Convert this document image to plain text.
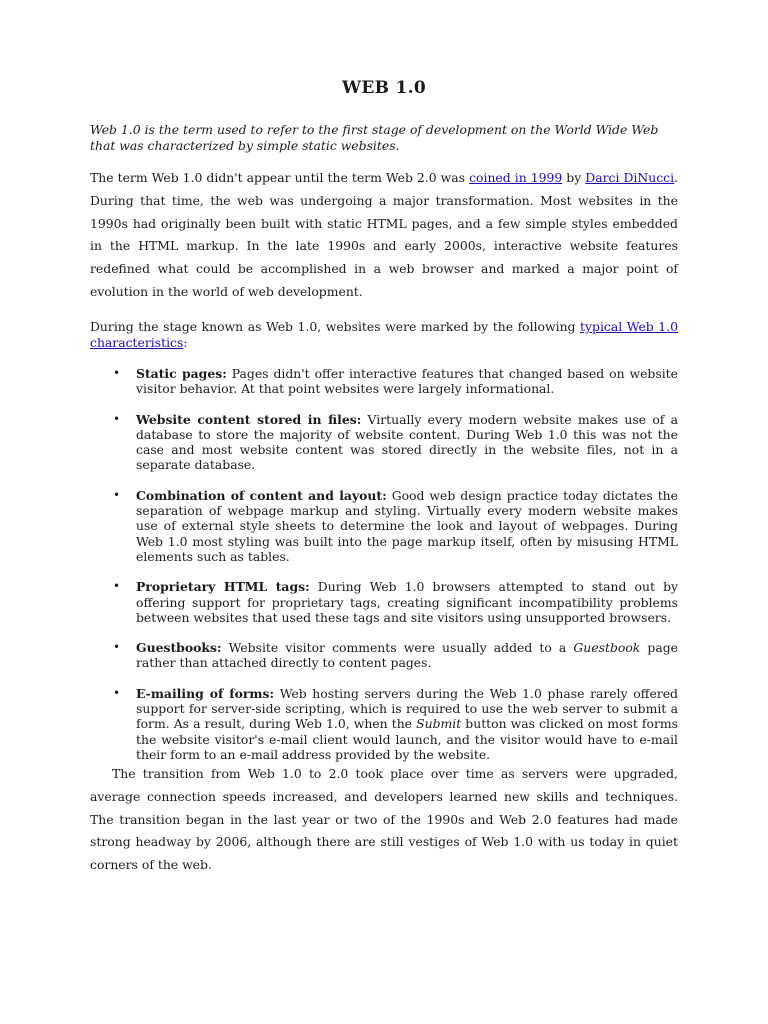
WEB 1.0

Web 1.0 is the term used to refer to the first stage of development on the World Wide Web that was characterized by simple static websites.

The term Web 1.0 didn't appear until the term Web 2.0 was coined in 1999 by Darci DiNucci. During that time, the web was undergoing a major transformation. Most websites in the 1990s had originally been built with static HTML pages, and a few simple styles embedded in the HTML markup. In the late 1990s and early 2000s, interactive website features redefined what could be accomplished in a web browser and marked a major point of evolution in the world of web development.

During the stage known as Web 1.0, websites were marked by the following typical Web 1.0 characteristics:

• Static pages: Pages didn't offer interactive features that changed based on website visitor behavior. At that point websites were largely informational.
• Website content stored in files: Virtually every modern website makes use of a database to store the majority of website content. During Web 1.0 this was not the case and most website content was stored directly in the website files, not in a separate database.
• Combination of content and layout: Good web design practice today dictates the separation of webpage markup and styling. Virtually every modern website makes use of external style sheets to determine the look and layout of webpages. During Web 1.0 most styling was built into the page markup itself, often by misusing HTML elements such as tables.
• Proprietary HTML tags: During Web 1.0 browsers attempted to stand out by offering support for proprietary tags, creating significant incompatibility problems between websites that used these tags and site visitors using unsupported browsers.
• Guestbooks: Website visitor comments were usually added to a Guestbook page rather than attached directly to content pages.
• E-mailing of forms: Web hosting servers during the Web 1.0 phase rarely offered support for server-side scripting, which is required to use the web server to submit a form. As a result, during Web 1.0, when the Submit button was clicked on most forms the website visitor's e-mail client would launch, and the visitor would have to e-mail their form to an e-mail address provided by the website.

The transition from Web 1.0 to 2.0 took place over time as servers were upgraded, average connection speeds increased, and developers learned new skills and techniques. The transition began in the last year or two of the 1990s and Web 2.0 features had made strong headway by 2006, although there are still vestiges of Web 1.0 with us today in quiet corners of the web.
